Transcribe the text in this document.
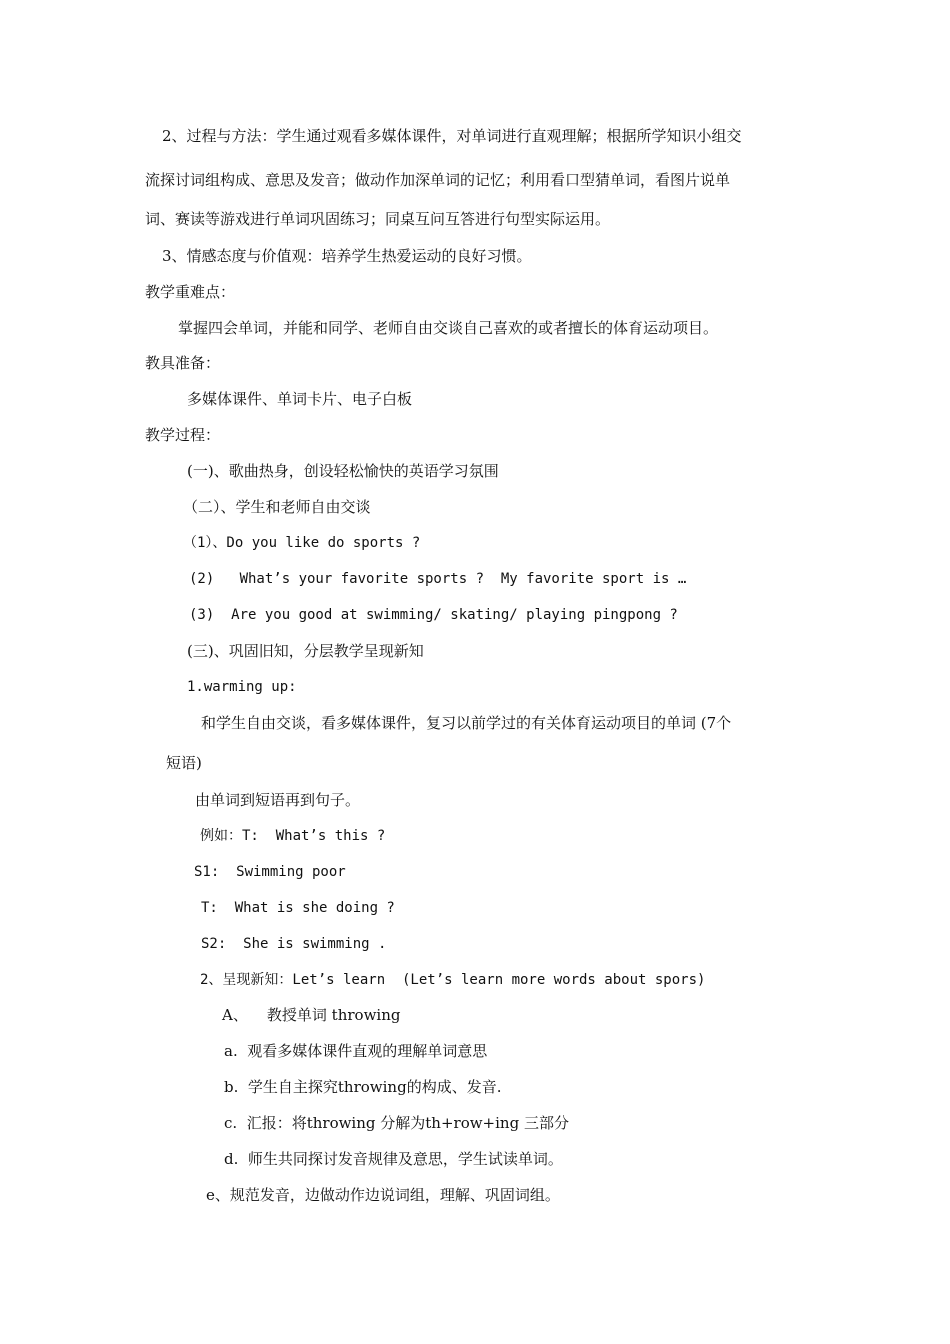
2、过程与方法：学生通过观看多媒体课件，对单词进行直观理解；根据所学知识小组交
流探讨词组构成、意思及发音；做动作加深单词的记忆；利用看口型猜单词，看图片说单
词、赛读等游戏进行单词巩固练习；同桌互问互答进行句型实际运用。
3、情感态度与价值观：培养学生热爱运动的良好习惯。
教学重难点：
掌握四会单词，并能和同学、老师自由交谈自己喜欢的或者擅长的体育运动项目。
教具准备：
多媒体课件、单词卡片、电子白板
教学过程：
(一)、歌曲热身，创设轻松愉快的英语学习氛围
（二）、学生和老师自由交谈
（1）、Do you like do sports ?
(2)   What’s your favorite sports ?  My favorite sport is …
(3)  Are you good at swimming/ skating/ playing pingpong ?
(三)、巩固旧知，分层教学呈现新知
1.warming up:
和学生自由交谈，看多媒体课件，复习以前学过的有关体育运动项目的单词 (7个
短语)
由单词到短语再到句子。
例如：T:  What’s this ?
S1:  Swimming poor
T:  What is she doing ?
S2:  She is swimming .
2、呈现新知：Let’s learn  (Let’s learn more words about spors)
A、    教授单词 throwing
a.  观看多媒体课件直观的理解单词意思
b.  学生自主探究throwing的构成、发音.
c.  汇报：将throwing 分解为th+row+ing 三部分
d.  师生共同探讨发音规律及意思，学生试读单词。
e、规范发音，边做动作边说词组，理解、巩固词组。
